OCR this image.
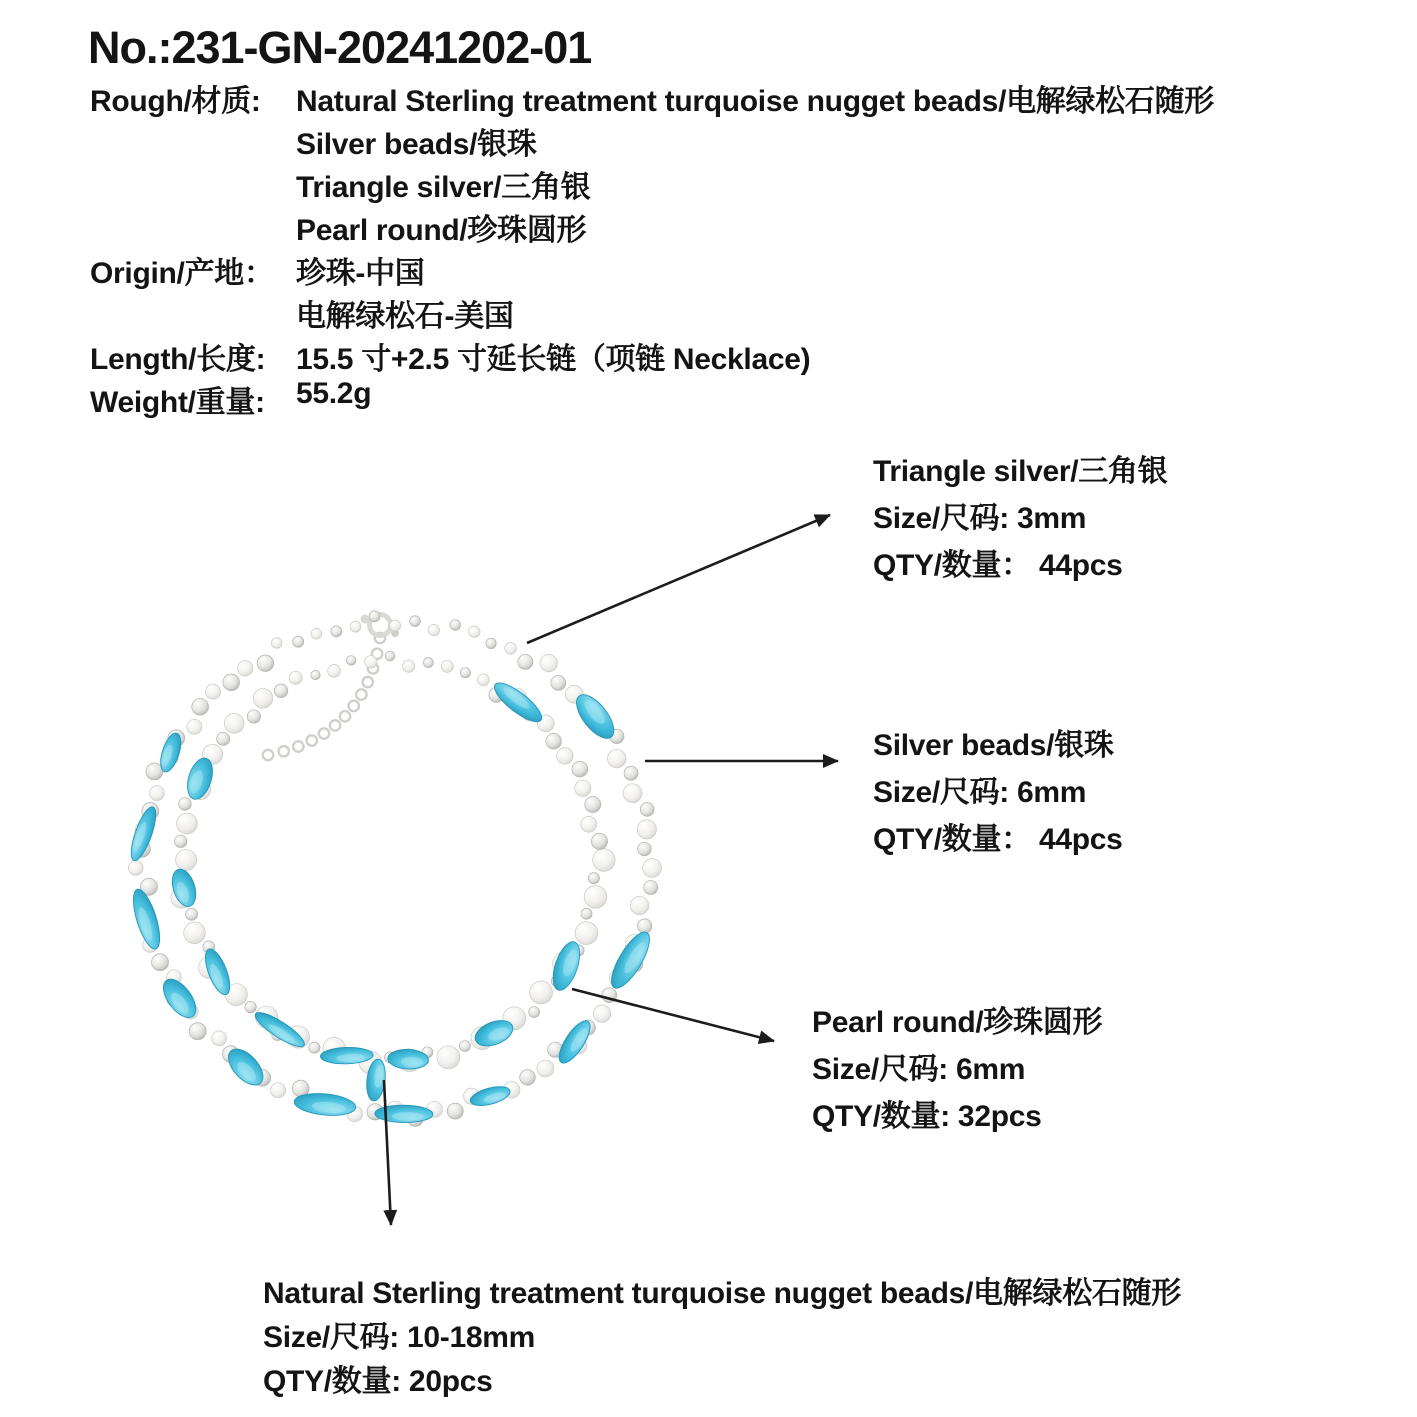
No.:231-GN-20241202-01
Rough/材质:	Natural Sterling treatment turquoise nugget beads/电解绿松石随形
Silver beads/银珠
Triangle silver/三角银
Pearl round/珍珠圆形
Origin/产地： 珍珠-中国
电解绿松石-美国
Length/长度:	15.5 寸+2.5 寸延长链（项链 Necklace)
Weight/重量:	55.2g
Triangle silver/三角银
Size/尺码: 3mm
QTY/数量： 44pcs
Silver beads/银珠
Size/尺码: 6mm
QTY/数量： 44pcs
Pearl round/珍珠圆形
Size/尺码: 6mm
QTY/数量: 32pcs
Natural Sterling treatment turquoise nugget beads/电解绿松石随形
Size/尺码: 10-18mm
QTY/数量: 20pcs
